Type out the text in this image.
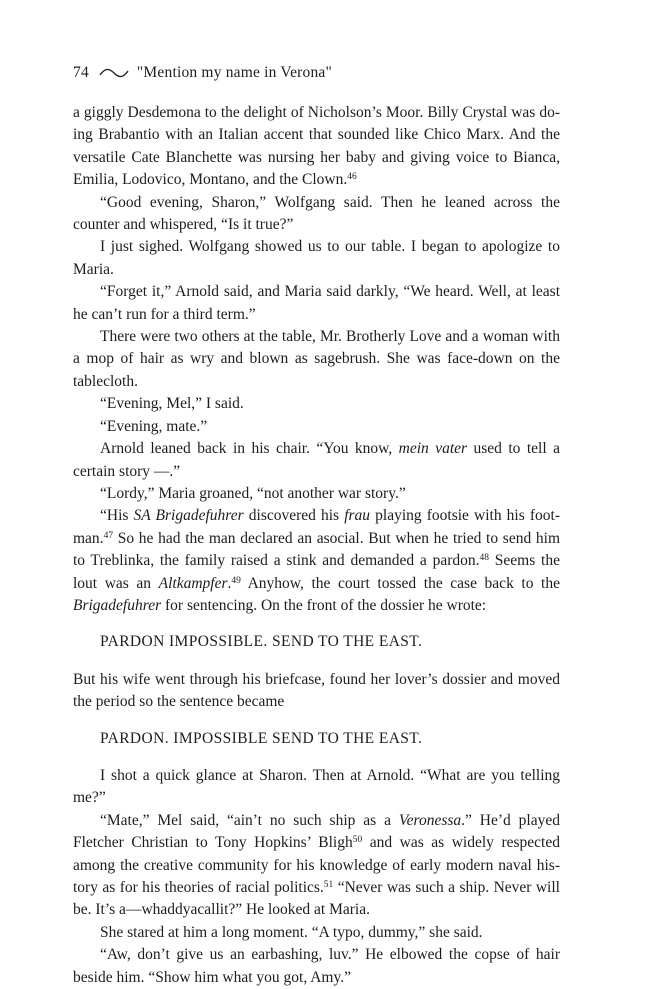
74	"Mention my name in Verona"

a giggly Desdemona to the delight of Nicholson’s Moor. Billy Crystal was doing Brabantio with an Italian accent that sounded like Chico Marx. And the versatile Cate Blanchette was nursing her baby and giving voice to Bianca, Emilia, Lodovico, Montano, and the Clown.$^{46}$

“Good evening, Sharon,” Wolfgang said. Then he leaned across the counter and whispered, “Is it true?”

I just sighed. Wolfgang showed us to our table. I began to apologize to Maria.

“Forget it,” Arnold said, and Maria said darkly, “We heard. Well, at least he can’t run for a third term.”

There were two others at the table, Mr. Brotherly Love and a woman with a mop of hair as wry and blown as sagebrush. She was face-down on the tablecloth.

“Evening, Mel,” I said.

“Evening, mate.”

Arnold leaned back in his chair. “You know, mein vater used to tell a certain story —.”

“Lordy,” Maria groaned, “not another war story.”

“His SA Brigadefuhrer discovered his frau playing footsie with his footman.$^{47}$ So he had the man declared an asocial. But when he tried to send him to Treblinka, the family raised a stink and demanded a pardon.$^{48}$ Seems the lout was an Altkampfer.$^{49}$ Anyhow, the court tossed the case back to the Brigadefuhrer for sentencing. On the front of the dossier he wrote:

PARDON IMPOSSIBLE. SEND TO THE EAST.

But his wife went through his briefcase, found her lover’s dossier and moved the period so the sentence became

PARDON. IMPOSSIBLE SEND TO THE EAST.

I shot a quick glance at Sharon. Then at Arnold. “What are you telling me?”

“Mate,” Mel said, “ain’t no such ship as a Veronessa.” He’d played Fletcher Christian to Tony Hopkins’ Bligh$^{50}$ and was as widely respected among the creative community for his knowledge of early modern naval history as for his theories of racial politics.$^{51}$ “Never was such a ship. Never will be. It’s a—whaddyacallit?” He looked at Maria.

She stared at him a long moment. “A typo, dummy,” she said.

“Aw, don’t give us an earbashing, luv.” He elbowed the copse of hair beside him. “Show him what you got, Amy.”
